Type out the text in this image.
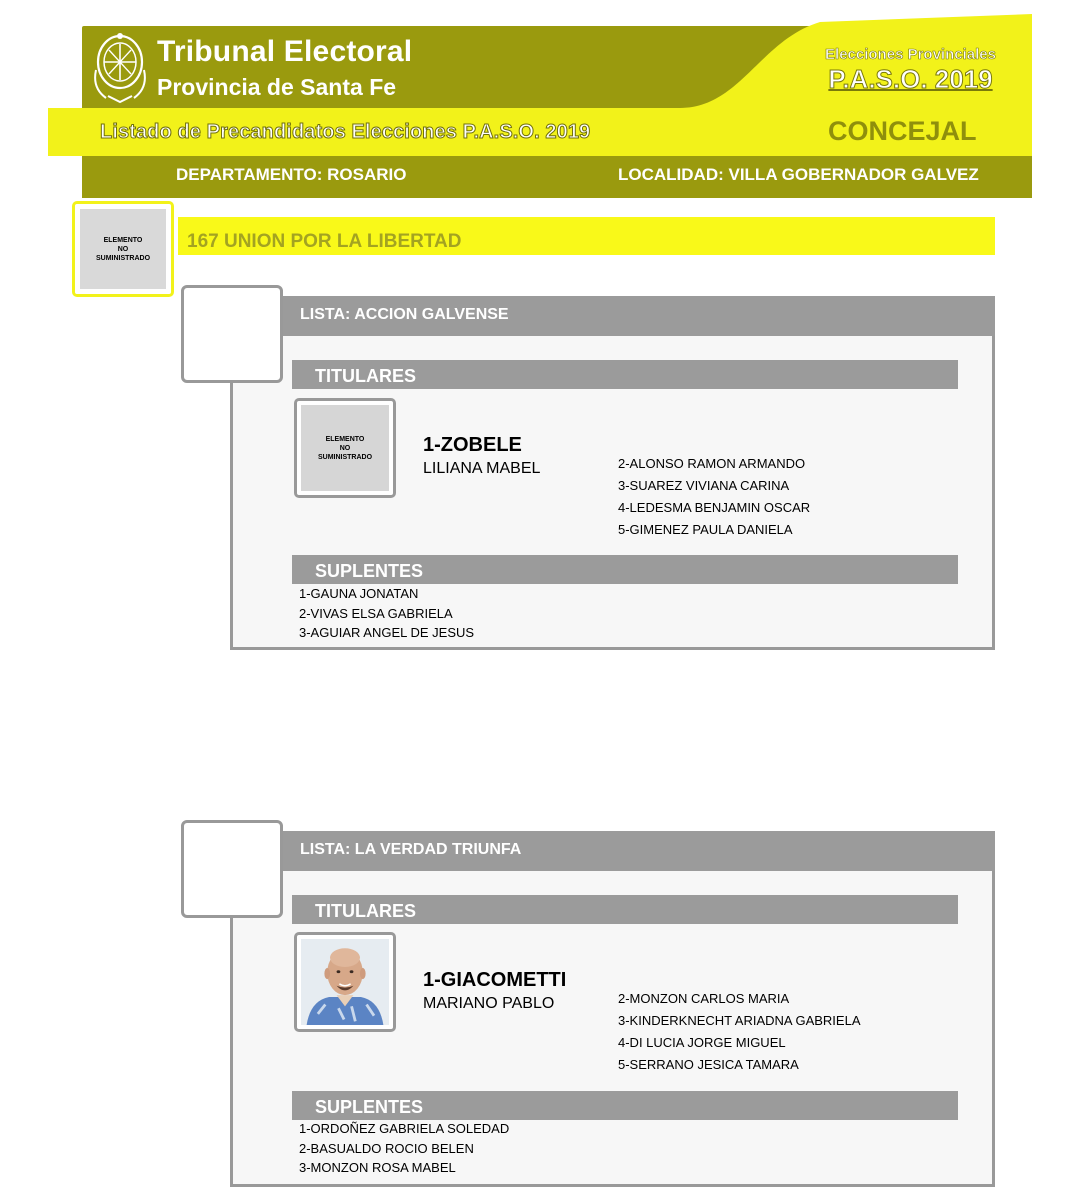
Tribunal Electoral
Provincia de Santa Fe
Elecciones Provinciales
P.A.S.O. 2019
Listado de Precandidatos Elecciones P.A.S.O. 2019	CONCEJAL
DEPARTAMENTO: ROSARIO	LOCALIDAD: VILLA GOBERNADOR GALVEZ
ELEMENTO
NO
SUMINISTRADO
167 UNION POR LA LIBERTAD
LISTA: ACCION GALVENSE
TITULARES
ELEMENTO
NO
SUMINISTRADO
1-ZOBELE
LILIANA MABEL	2-ALONSO RAMON ARMANDO
3-SUAREZ VIVIANA CARINA
4-LEDESMA BENJAMIN OSCAR
5-GIMENEZ PAULA DANIELA
SUPLENTES
1-GAUNA JONATAN
2-VIVAS ELSA GABRIELA
3-AGUIAR ANGEL DE JESUS
LISTA: LA VERDAD TRIUNFA
TITULARES
1-GIACOMETTI
MARIANO PABLO	2-MONZON CARLOS MARIA
3-KINDERKNECHT ARIADNA GABRIELA
4-DI LUCIA JORGE MIGUEL
5-SERRANO JESICA TAMARA
SUPLENTES
1-ORDOÑEZ GABRIELA SOLEDAD
2-BASUALDO ROCIO BELEN
3-MONZON ROSA MABEL
